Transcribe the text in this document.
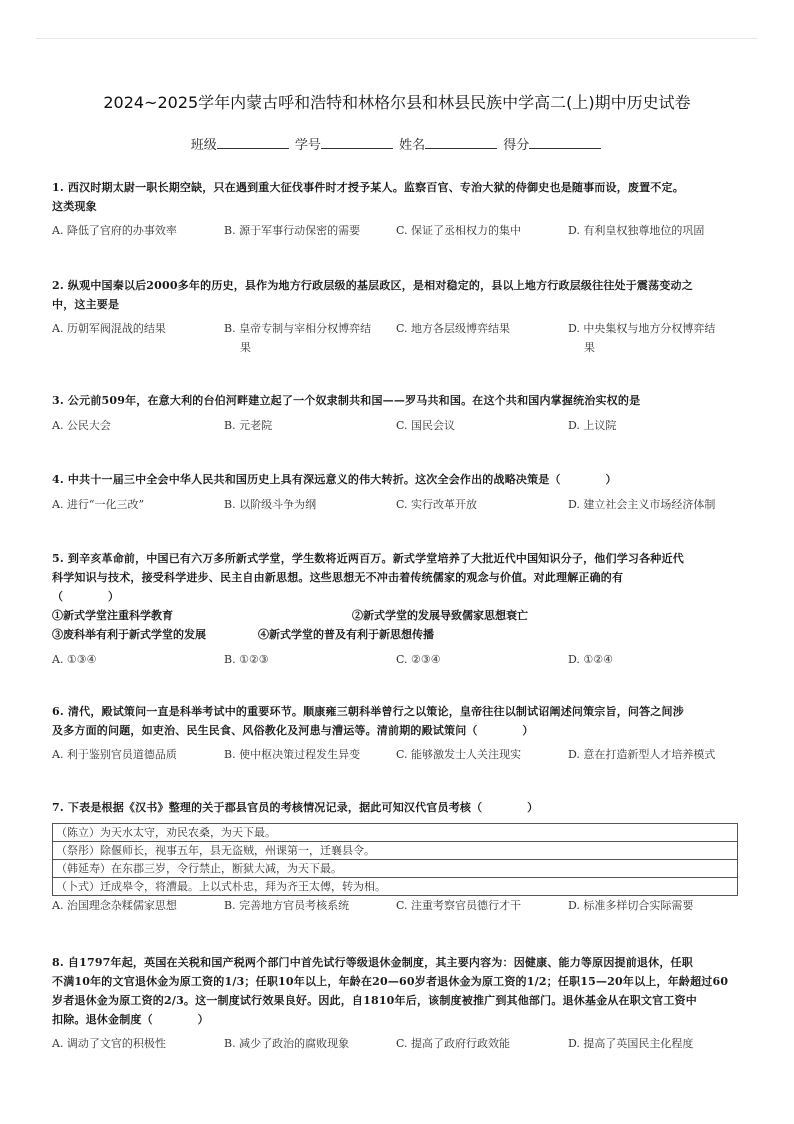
2024~2025学年内蒙古呼和浩特和林格尔县和林县民族中学高二(上)期中历史试卷
班级	学号	姓名	得分
1. 西汉时期太尉一职长期空缺，只在遇到重大征伐事件时才授予某人。监察百官、专治大狱的侍御史也是随事而设，废置不定。
这类现象
A. 降低了官府的办事效率	B. 源于军事行动保密的需要	C. 保证了丞相权力的集中	D. 有利皇权独尊地位的巩固
2. 纵观中国秦以后2000多年的历史，县作为地方行政层级的基层政区，是相对稳定的，县以上地方行政层级往往处于震荡变动之
中，这主要是
A. 历朝军阀混战的结果	B. 皇帝专制与宰相分权博弈结
果
C. 地方各层级博弈结果	D. 中央集权与地方分权博弈结
果
3. 公元前509年，在意大利的台伯河畔建立起了一个奴隶制共和国——罗马共和国。在这个共和国内掌握统治实权的是
A. 公民大会	B. 元老院	C. 国民会议	D. 上议院
4. 中共十一届三中全会中华人民共和国历史上具有深远意义的伟大转折。这次全会作出的战略决策是（　　　　）
A. 进行“一化三改”	B. 以阶级斗争为纲	C. 实行改革开放	D. 建立社会主义市场经济体制
5. 到辛亥革命前，中国已有六万多所新式学堂，学生数将近两百万。新式学堂培养了大批近代中国知识分子，他们学习各种近代
科学知识与技术，接受科学进步、民主自由新思想。这些思想无不冲击着传统儒家的观念与价值。对此理解正确的有
（　　　　）
①新式学堂注重科学教育	②新式学堂的发展导致儒家思想衰亡
③废科举有利于新式学堂的发展	④新式学堂的普及有利于新思想传播
A. ①③④	B. ①②③	C. ②③④	D. ①②④
6. 清代，殿试策问一直是科举考试中的重要环节。顺康雍三朝科举曾行之以策论，皇帝往往以制试诏阐述问策宗旨，问答之间涉
及多方面的问题，如吏治、民生民食、风俗教化及河患与漕运等。清前期的殿试策问（　　　　）
A. 利于鉴别官员道德品质	B. 使中枢决策过程发生异变	C. 能够激发士人关注现实	D. 意在打造新型人才培养模式
7. 下表是根据《汉书》整理的关于郡县官员的考核情况记录，据此可知汉代官员考核（　　　　）
（陈立）为天水太守，劝民农桑，为天下最。
（祭彤）除偃师长，视事五年，县无盗贼，州课第一，迁襄县令。
（韩延寿）在东郡三岁，令行禁止，断狱大减，为天下最。
（卜式）迁成皋令，将漕最。上以式朴忠，拜为齐王太傅，转为相。
A. 治国理念杂糅儒家思想	B. 完善地方官员考核系统	C. 注重考察官员德行才干	D. 标准多样切合实际需要
8. 自1797年起，英国在关税和国产税两个部门中首先试行等级退休金制度，其主要内容为：因健康、能力等原因提前退休，任职
不满10年的文官退休金为原工资的1/3；任职10年以上，年龄在20—60岁者退休金为原工资的1/2；任职15—20年以上，年龄超过60
岁者退休金为原工资的2/3。这一制度试行效果良好。因此，自1810年后，该制度被推广到其他部门。退休基金从在职文官工资中
扣除。退休金制度（　　　　）
A. 调动了文官的积极性	B. 减少了政治的腐败现象	C. 提高了政府行政效能	D. 提高了英国民主化程度
